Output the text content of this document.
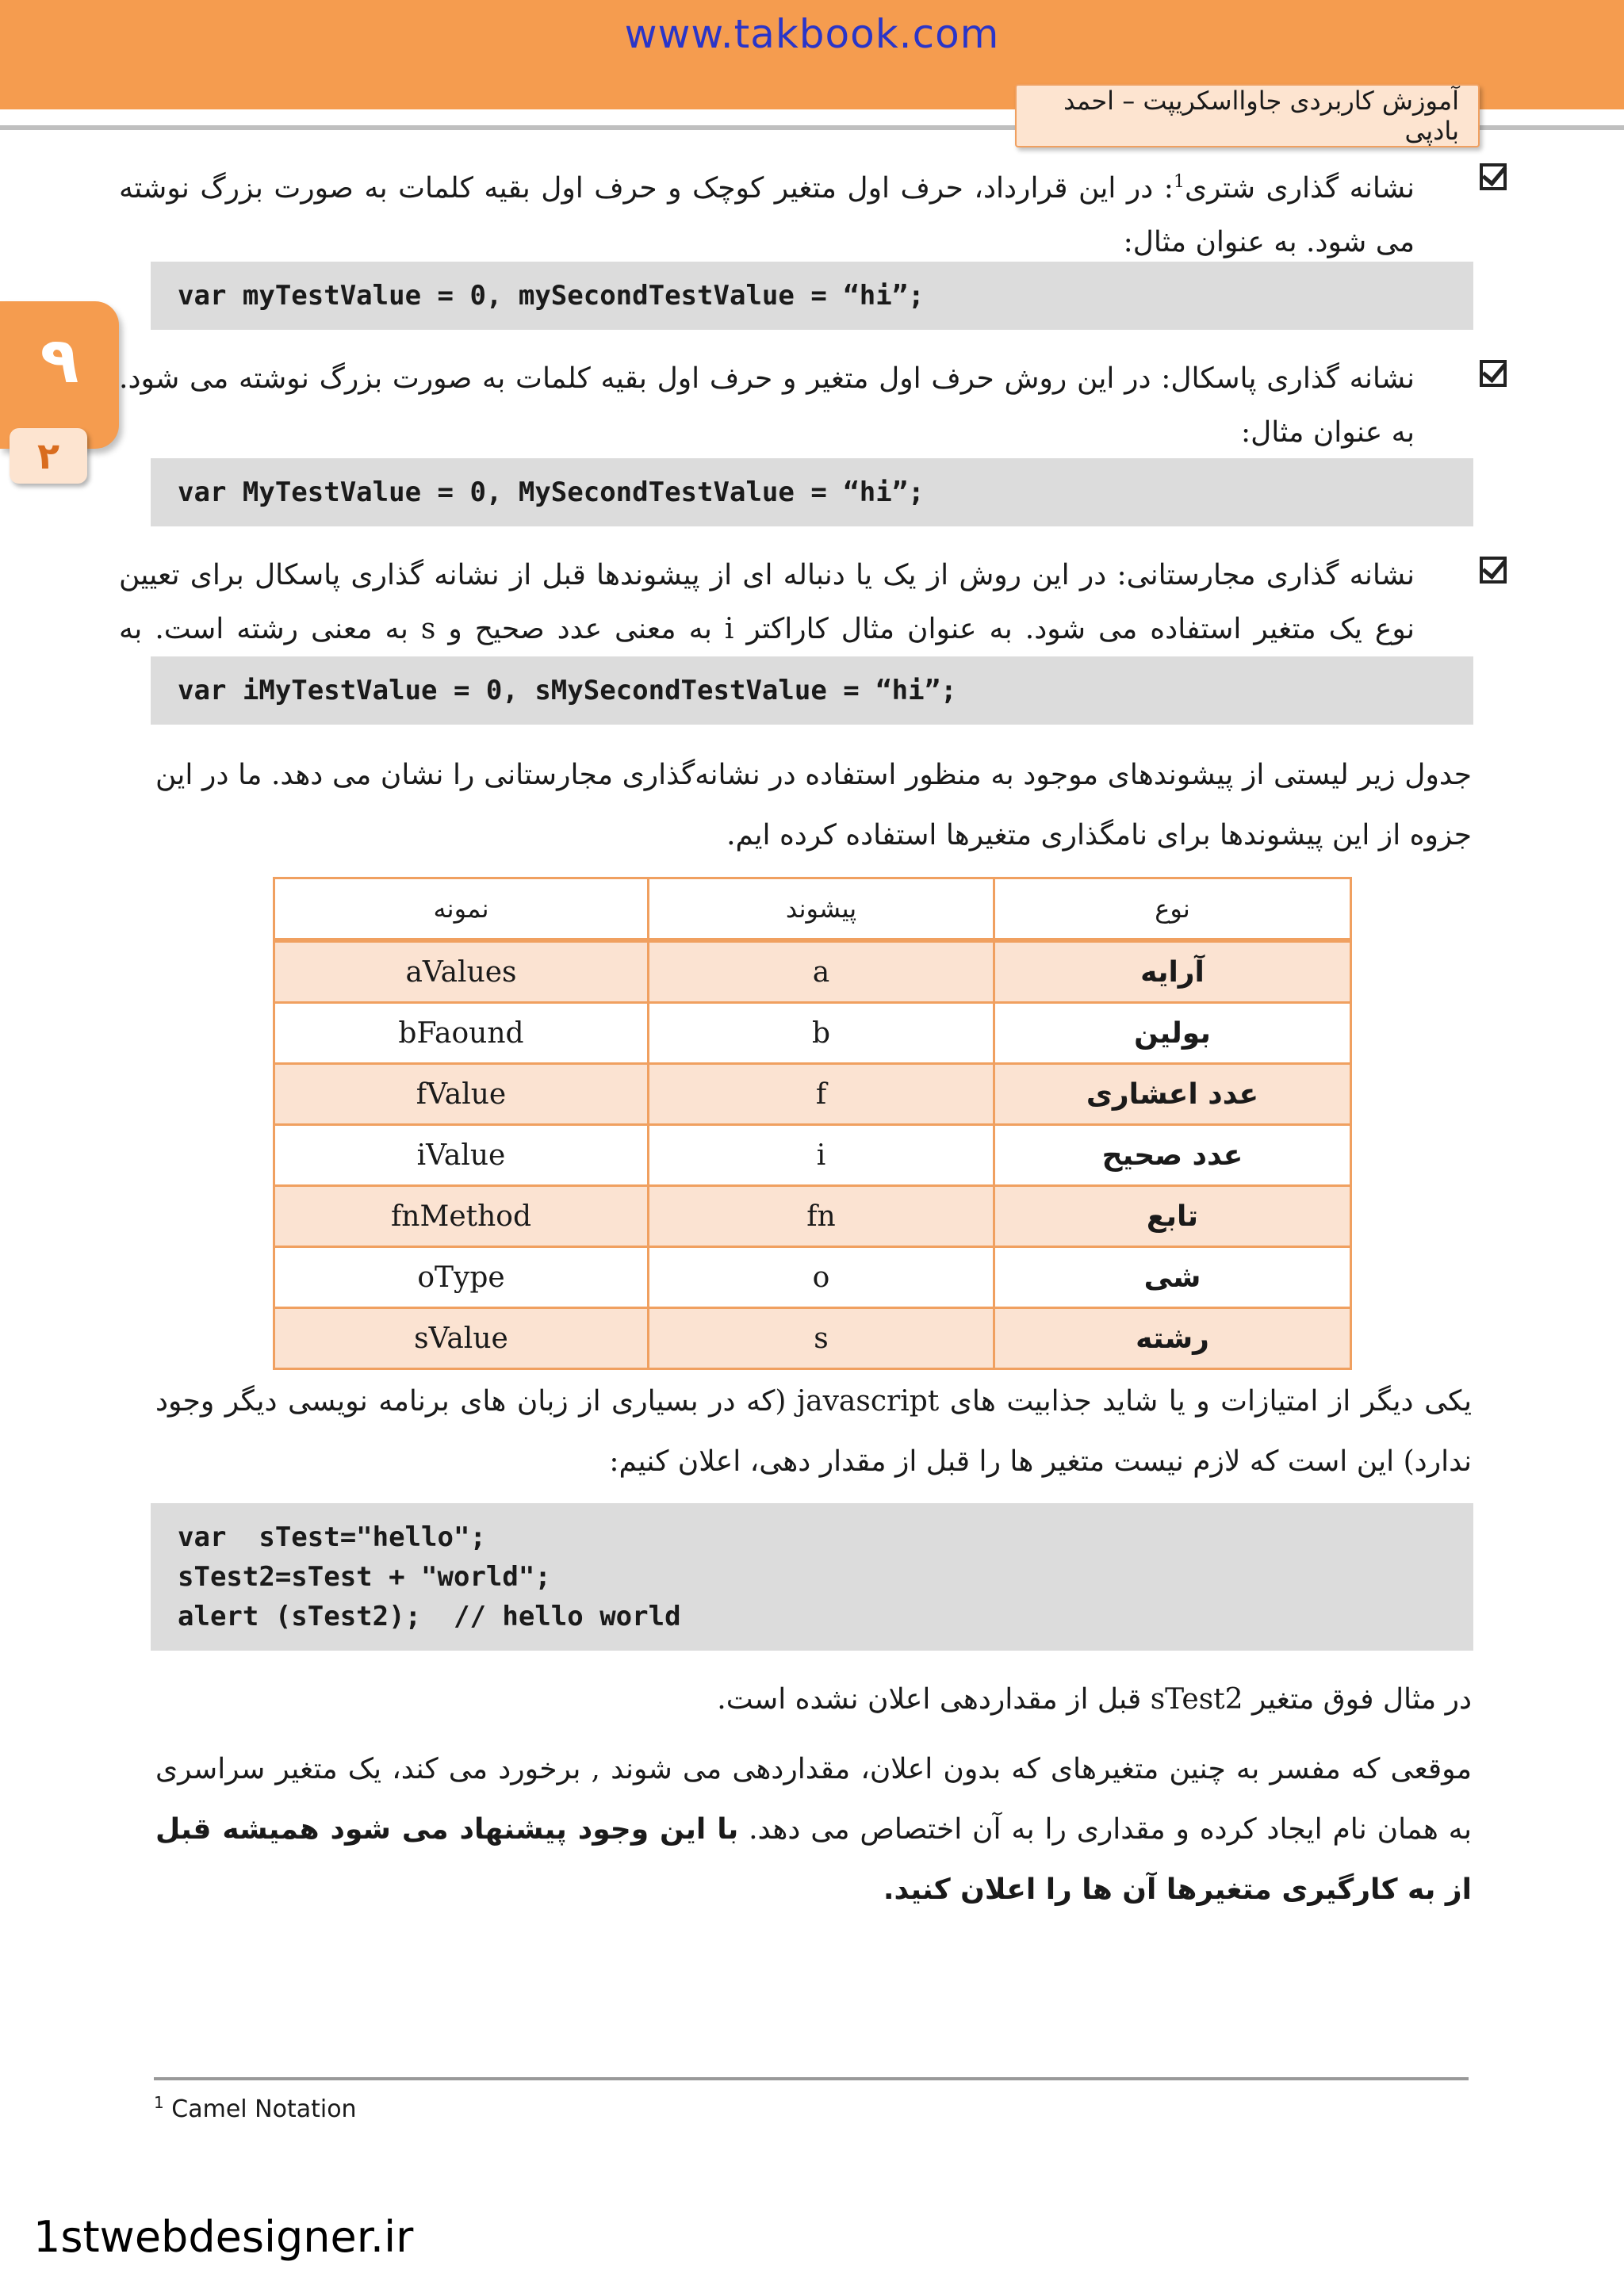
www.takbook.com
آموزش کاربردی جاوااسکریپت – احمد بادپی
۹
۲
نشانه گذاری شتری$^1$: در این قرارداد، حرف اول متغیر کوچک و حرف اول بقیه کلمات به صورت بزرگ نوشته می شود. به عنوان مثال:
var myTestValue = 0, mySecondTestValue = “hi”;
نشانه گذاری پاسکال: در این روش حرف اول متغیر و حرف اول بقیه کلمات به صورت بزرگ نوشته می شود. به عنوان مثال:
var MyTestValue = 0, MySecondTestValue = “hi”;
نشانه گذاری مجارستانی: در این روش از یک یا دنباله ای از پیشوندها قبل از نشانه گذاری پاسکال برای تعیین نوع یک متغیر استفاده می شود. به عنوان مثال کاراکتر i به معنی عدد صحیح و s به معنی رشته است. به
var iMyTestValue = 0, sMySecondTestValue = “hi”;
جدول زیر لیستی از پیشوندهای موجود به منظور استفاده در نشانه‌گذاری مجارستانی را نشان می دهد. ما در این جزوه از این پیشوندها برای نامگذاری متغیرها استفاده کرده ایم.
نوع	پیشوند	نمونه
آرایه	a	aValues
بولین	b	bFaound
عدد اعشاری	f	fValue
عدد صحیح	i	iValue
تابع	fn	fnMethod
شی	o	oType
رشته	s	sValue
یکی دیگر از امتیازات و یا شاید جذابیت های javascript (که در بسیاری از زبان های برنامه نویسی دیگر وجود ندارد) این است که لازم نیست متغیر ها را قبل از مقدار دهی، اعلان کنیم:
var  sTest="hello";
sTest2=sTest + "world";
alert (sTest2);  // hello world
در مثال فوق متغیر sTest2 قبل از مقداردهی اعلان نشده است.
موقعی که مفسر به چنین متغیرهای که بدون اعلان، مقداردهی می شوند , برخورد می کند، یک متغیر سراسری به همان نام ایجاد کرده و مقداری را به آن اختصاص می دهد. با این وجود پیشنهاد می شود همیشه قبل از به کارگیری متغیرها آن ها را اعلان کنید.
$^1$ Camel Notation
1stwebdesigner.ir
